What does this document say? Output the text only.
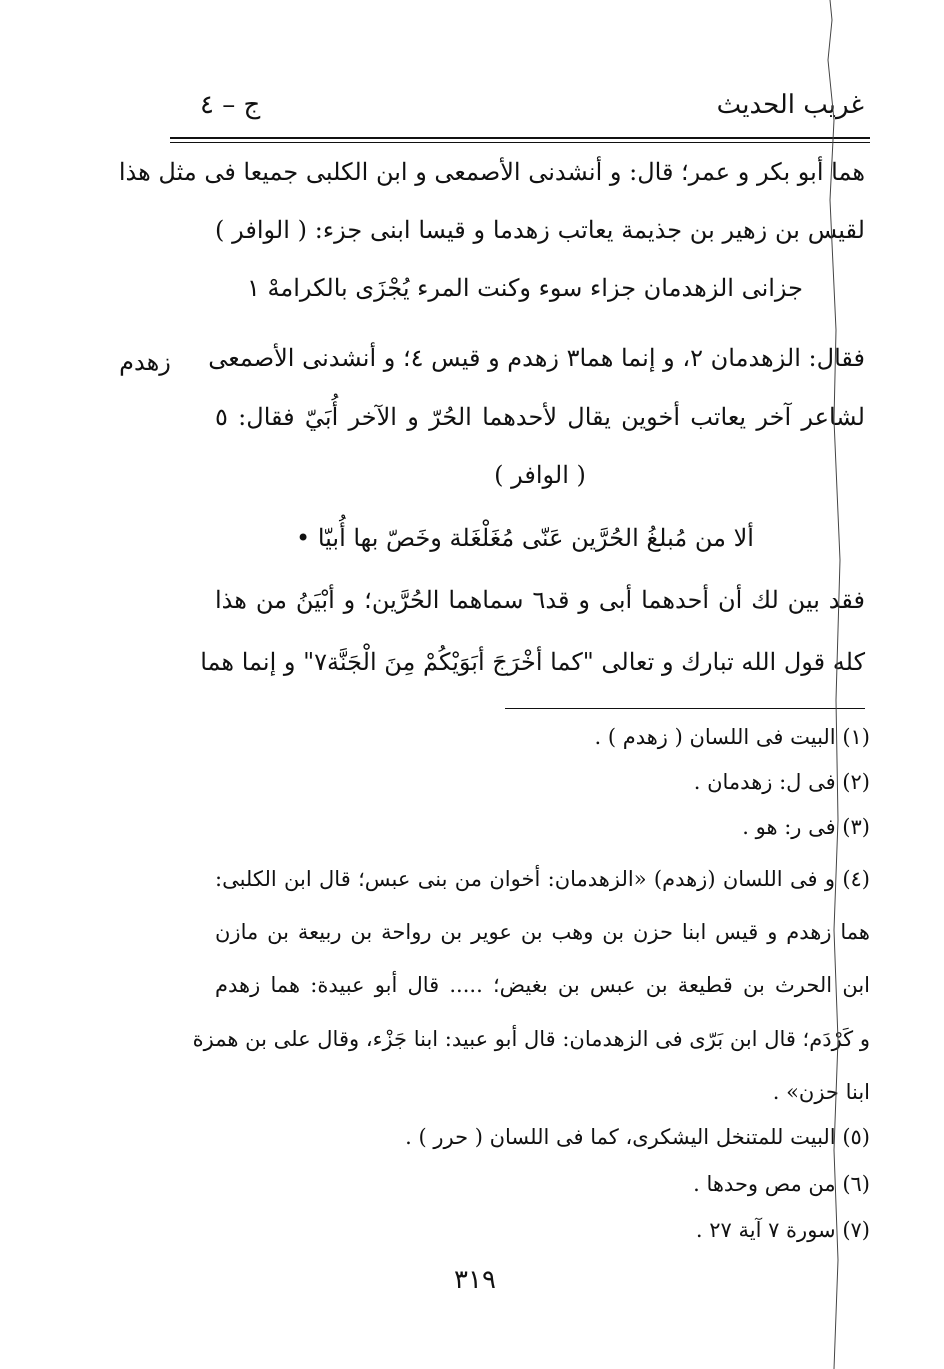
غريب الحديث
ج – ٤
هما أبو بكر و عمر؛ قال: و أنشدنى الأصمعى و ابن الكلبى جميعا فى مثل هذا
لقيس بن زهير بن جذيمة يعاتب زهدما و قيسا ابنى جزء: ( الوافر )
جزانى الزهدمان جزاء سوء وكنت المرء يُجْزَى بالكرامهْ ١
فقال: الزهدمان ٢، و إنما هما٣ زهدم و قيس ٤؛ و أنشدنى الأصمعى
لشاعر آخر يعاتب أخوين يقال لأحدهما الحُرّ و الآخر أُبَيّ فقال: ٥
( الوافر )
ألا من مُبلغُ الحُرَّين عَنّى مُغَلْغَلة وخَصّ بها أُبيّا •
فقد بين لك أن أحدهما أبى و قد٦ سماهما الحُرَّين؛ و أبْيَنُ من هذا
كله قول الله تبارك و تعالى "كما أخْرَجَ أبَوَيْكُمْ مِنَ الْجَنَّة٧" و إنما هما
زهدم
(١) البيت فى اللسان ( زهدم ) .
(٢) فى ل: زهدمان .
(٣) فى ر: هو .
(٤) و فى اللسان (زهدم) «الزهدمان: أخوان من بنى عبس؛ قال ابن الكلبى:
هما زهدم و قيس ابنا حزن بن وهب بن عوير بن رواحة بن ربيعة بن مازن
ابن الحرث بن قطيعة بن عبس بن بغيض؛ ..... قال أبو عبيدة: هما زهدم
و كَرْدَم؛ قال ابن بَرّى فى الزهدمان: قال أبو عبيد: ابنا جَزْء، وقال على بن همزة
ابنا حزن» .
(٥) البيت للمتنخل اليشكرى، كما فى اللسان ( حرر ) .
(٦) من مص وحدها .
(٧) سورة ٧ آية ٢٧ .
٣١٩
